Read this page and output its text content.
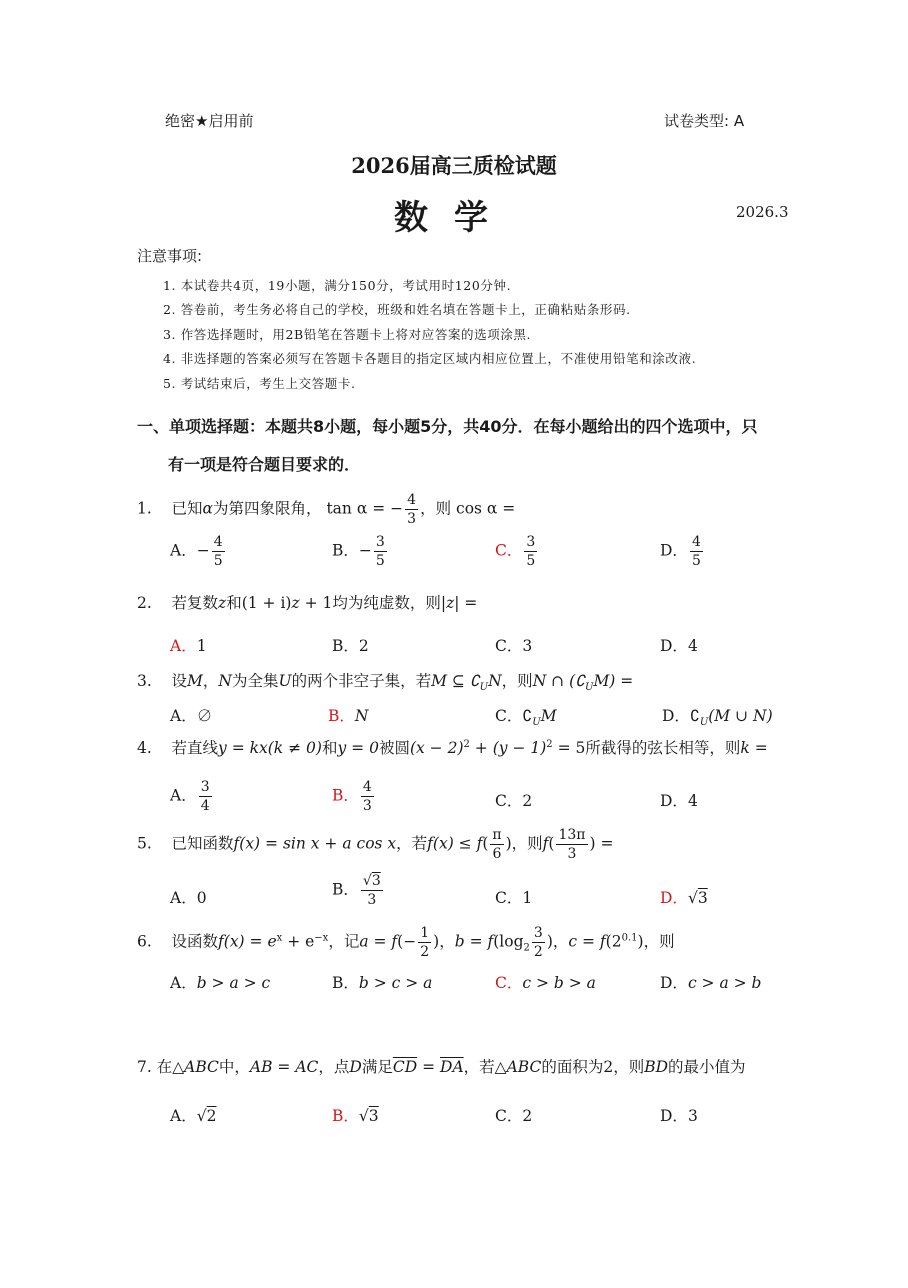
绝密★启用前	试卷类型: A
2026届高三质检试题
数学	2026.3
注意事项:
1. 本试卷共4页，19小题，满分150分，考试用时120分钟.
2. 答卷前，考生务必将自己的学校，班级和姓名填在答题卡上，正确粘贴条形码.
3. 作答选择题时，用2B铅笔在答题卡上将对应答案的选项涂黑.
4. 非选择题的答案必须写在答题卡各题目的指定区域内相应位置上，不准使用铅笔和涂改液.
5. 考试结束后，考生上交答题卡.
一、单项选择题：本题共8小题，每小题5分，共40分．在每小题给出的四个选项中，只
有一项是符合题目要求的．
1. 已知α为第四象限角， tan α = − $\frac{4}{3}$ ，则 cos α =
A．− $\frac{4}{5}$	B．− $\frac{3}{5}$	C． $\frac{3}{5}$	D． $\frac{4}{5}$
2. 若复数z和(1 + i)z + 1均为纯虚数，则|z| =
A．1	B．2	C．3	D．4
3. 设M，N为全集U的两个非空子集，若M ⊆ $∁_UN$，则N ∩ $(∁_UM)$ =
A．∅	B．N	C．$∁_UM$	D．$∁_U(M$ ∪ N)
4. 若直线y = kx(k ≠ 0)和y = 0被圆$(x - 2)^2 + (y - 1)^2 = 5$所截得的弦长相等，则k =
A． $\frac{3}{4}$	B． $\frac{4}{3}$	C．2	D．4
5. 已知函数f(x) = sin x + a cos x，若$f(x) \le f( \frac{\pi}{6}$ )，则$f( \frac{13\pi}{3}$ ) =
A．0	B． $\frac{√3}{3}$	C．1	D．√3
6. 设函数$f(x) = e^x + e^{-x}$，记$a = f(- \frac{1}{2}$ )，$b = f(\log_2 \frac{3}{2}$ )，$c = f(2^{0.1})$，则
A．b > a > c	B．b > c > a	C．c > b > a	D．c > a > b
7. 在△ABC中，AB = AC，点D满足$\overline{CD} = \overline{DA}$，若△ABC的面积为2，则BD的最小值为
A．√2	B．√3	C．2	D．3
